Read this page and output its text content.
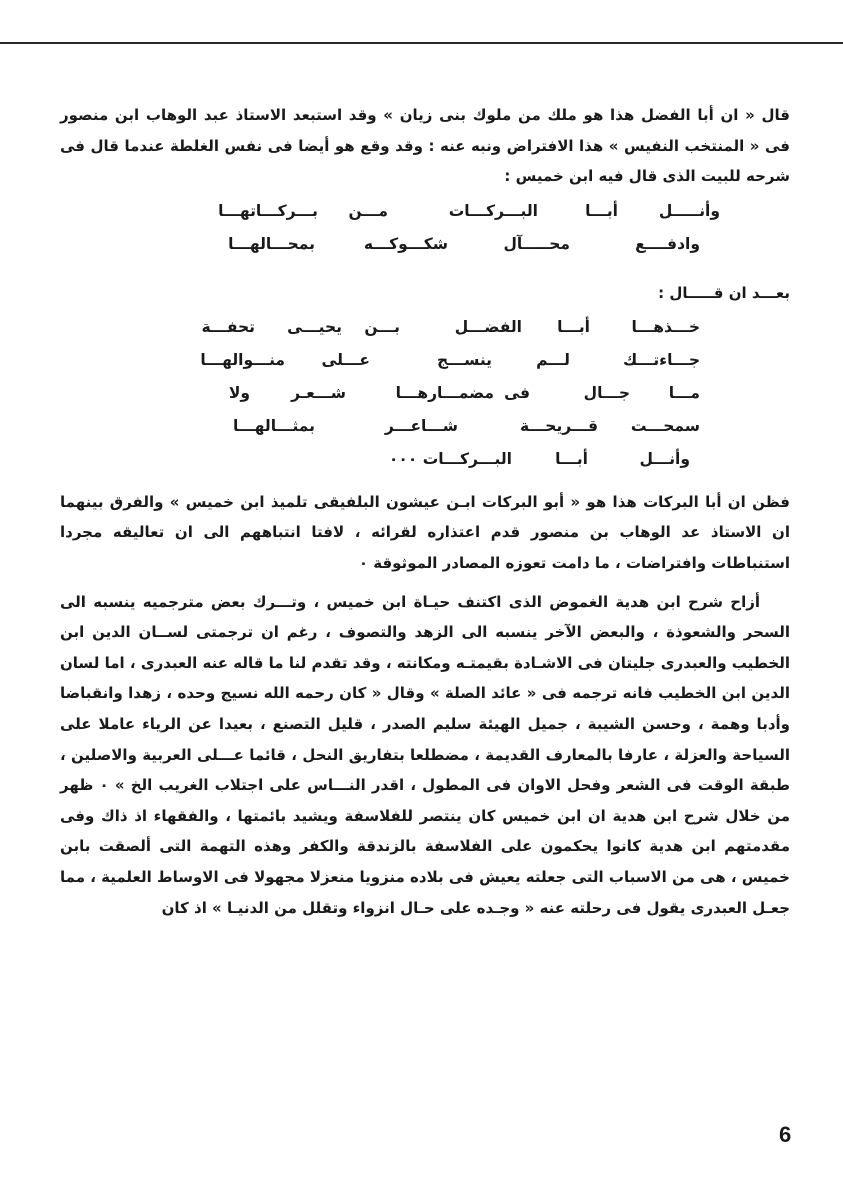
قال « ان أبا الفضل هذا هو ملك من ملوك بنى زيان » وقد استبعد الاستاذ عبد الوهاب ابن منصور فى « المنتخب النفيس » هذا الافتراض ونبه عنه : وقد وقع هو أيضا فى نفس الغلطة عندما قال فى شرحه للبيت الذى قال فيه ابن خميس :

وأنـــــل
أبـــا
البـــركـــات
مـــن
بـــركـــاتهـــا
وادفــــع
محـــــآل
شكـــوكـــه
بمحـــالهـــا
بعـــد ان قـــــال :
خـــذهـــا
أبـــا
الفضـــل
بـــن
يحيـــى
تحفـــة
جـــاءتـــك
لـــم
ينســـج
عـــلى
منـــوالهـــا
مـــا
جـــال
فى
مضمـــارهـــا
شـــعـر
ولا
سمحـــت
قـــريحـــة
شـــاعـــر
بمثـــالهـــا
وأنـــل
أبـــا
البـــركـــات ٠٠٠

فظن ان أبا البركات هذا هو « أبو البركات ابـن عيشون البلفيقى تلميذ ابن خميس » والفرق بينهما ان الاستاذ عد الوهاب بن منصور قدم اعتذاره لقرائه ، لافتا انتباههم الى ان تعاليقه مجردا استنباطات وافتراضات ، ما دامت تعوزه المصادر الموثوقة ٠

أزاح شرح ابن هدية الغموض الذى اكتنف حيـاة ابن خميس ، وتـــرك بعض مترجميه ينسبه الى السحر والشعوذة ، والبعض الآخر ينسبه الى الزهد والتصوف ، رغم ان ترجمتى لســان الدين ابن الخطيب والعبدرى جليتان فى الاشـادة بقيمتـه ومكانته ، وقد تقدم لنا ما قاله عنه العبدرى ، اما لسان الدين ابن الخطيب فانه ترجمه فى « عائد الصلة » وقال « كان رحمه الله نسيج وحده ، زهدا وانقباضا وأدبا وهمة ، وحسن الشيبة ، جميل الهيئة سليم الصدر ، قليل التصنع ، بعيدا عن الرياء عاملا على السياحة والعزلة ، عارفا بالمعارف القديمة ، مضطلعا بتفاريق النحل ، قائما عـــلى العربية والاصلين ، طبقة الوقت فى الشعر وفحل الاوان فى المطول ، اقدر النـــاس على اجتلاب الغريب الخ » ٠ ظهر من خلال شرح ابن هدية ان ابن خميس كان ينتصر للفلاسفة ويشيد بائمتها ، والفقهاء اذ ذاك وفى مقدمتهم ابن هدية كانوا يحكمون على الفلاسفة بالزندقة والكفر وهذه التهمة التى ألصقت بابن خميس ، هى من الاسباب التى جعلته يعيش فى بلاده منزويا منعزلا مجهولا فى الاوساط العلمية ، مما جعـل العبدرى يقول فى رحلته عنه « وجـده على حـال انزواء وتقلل من الدنيـا » اذ كان

6
